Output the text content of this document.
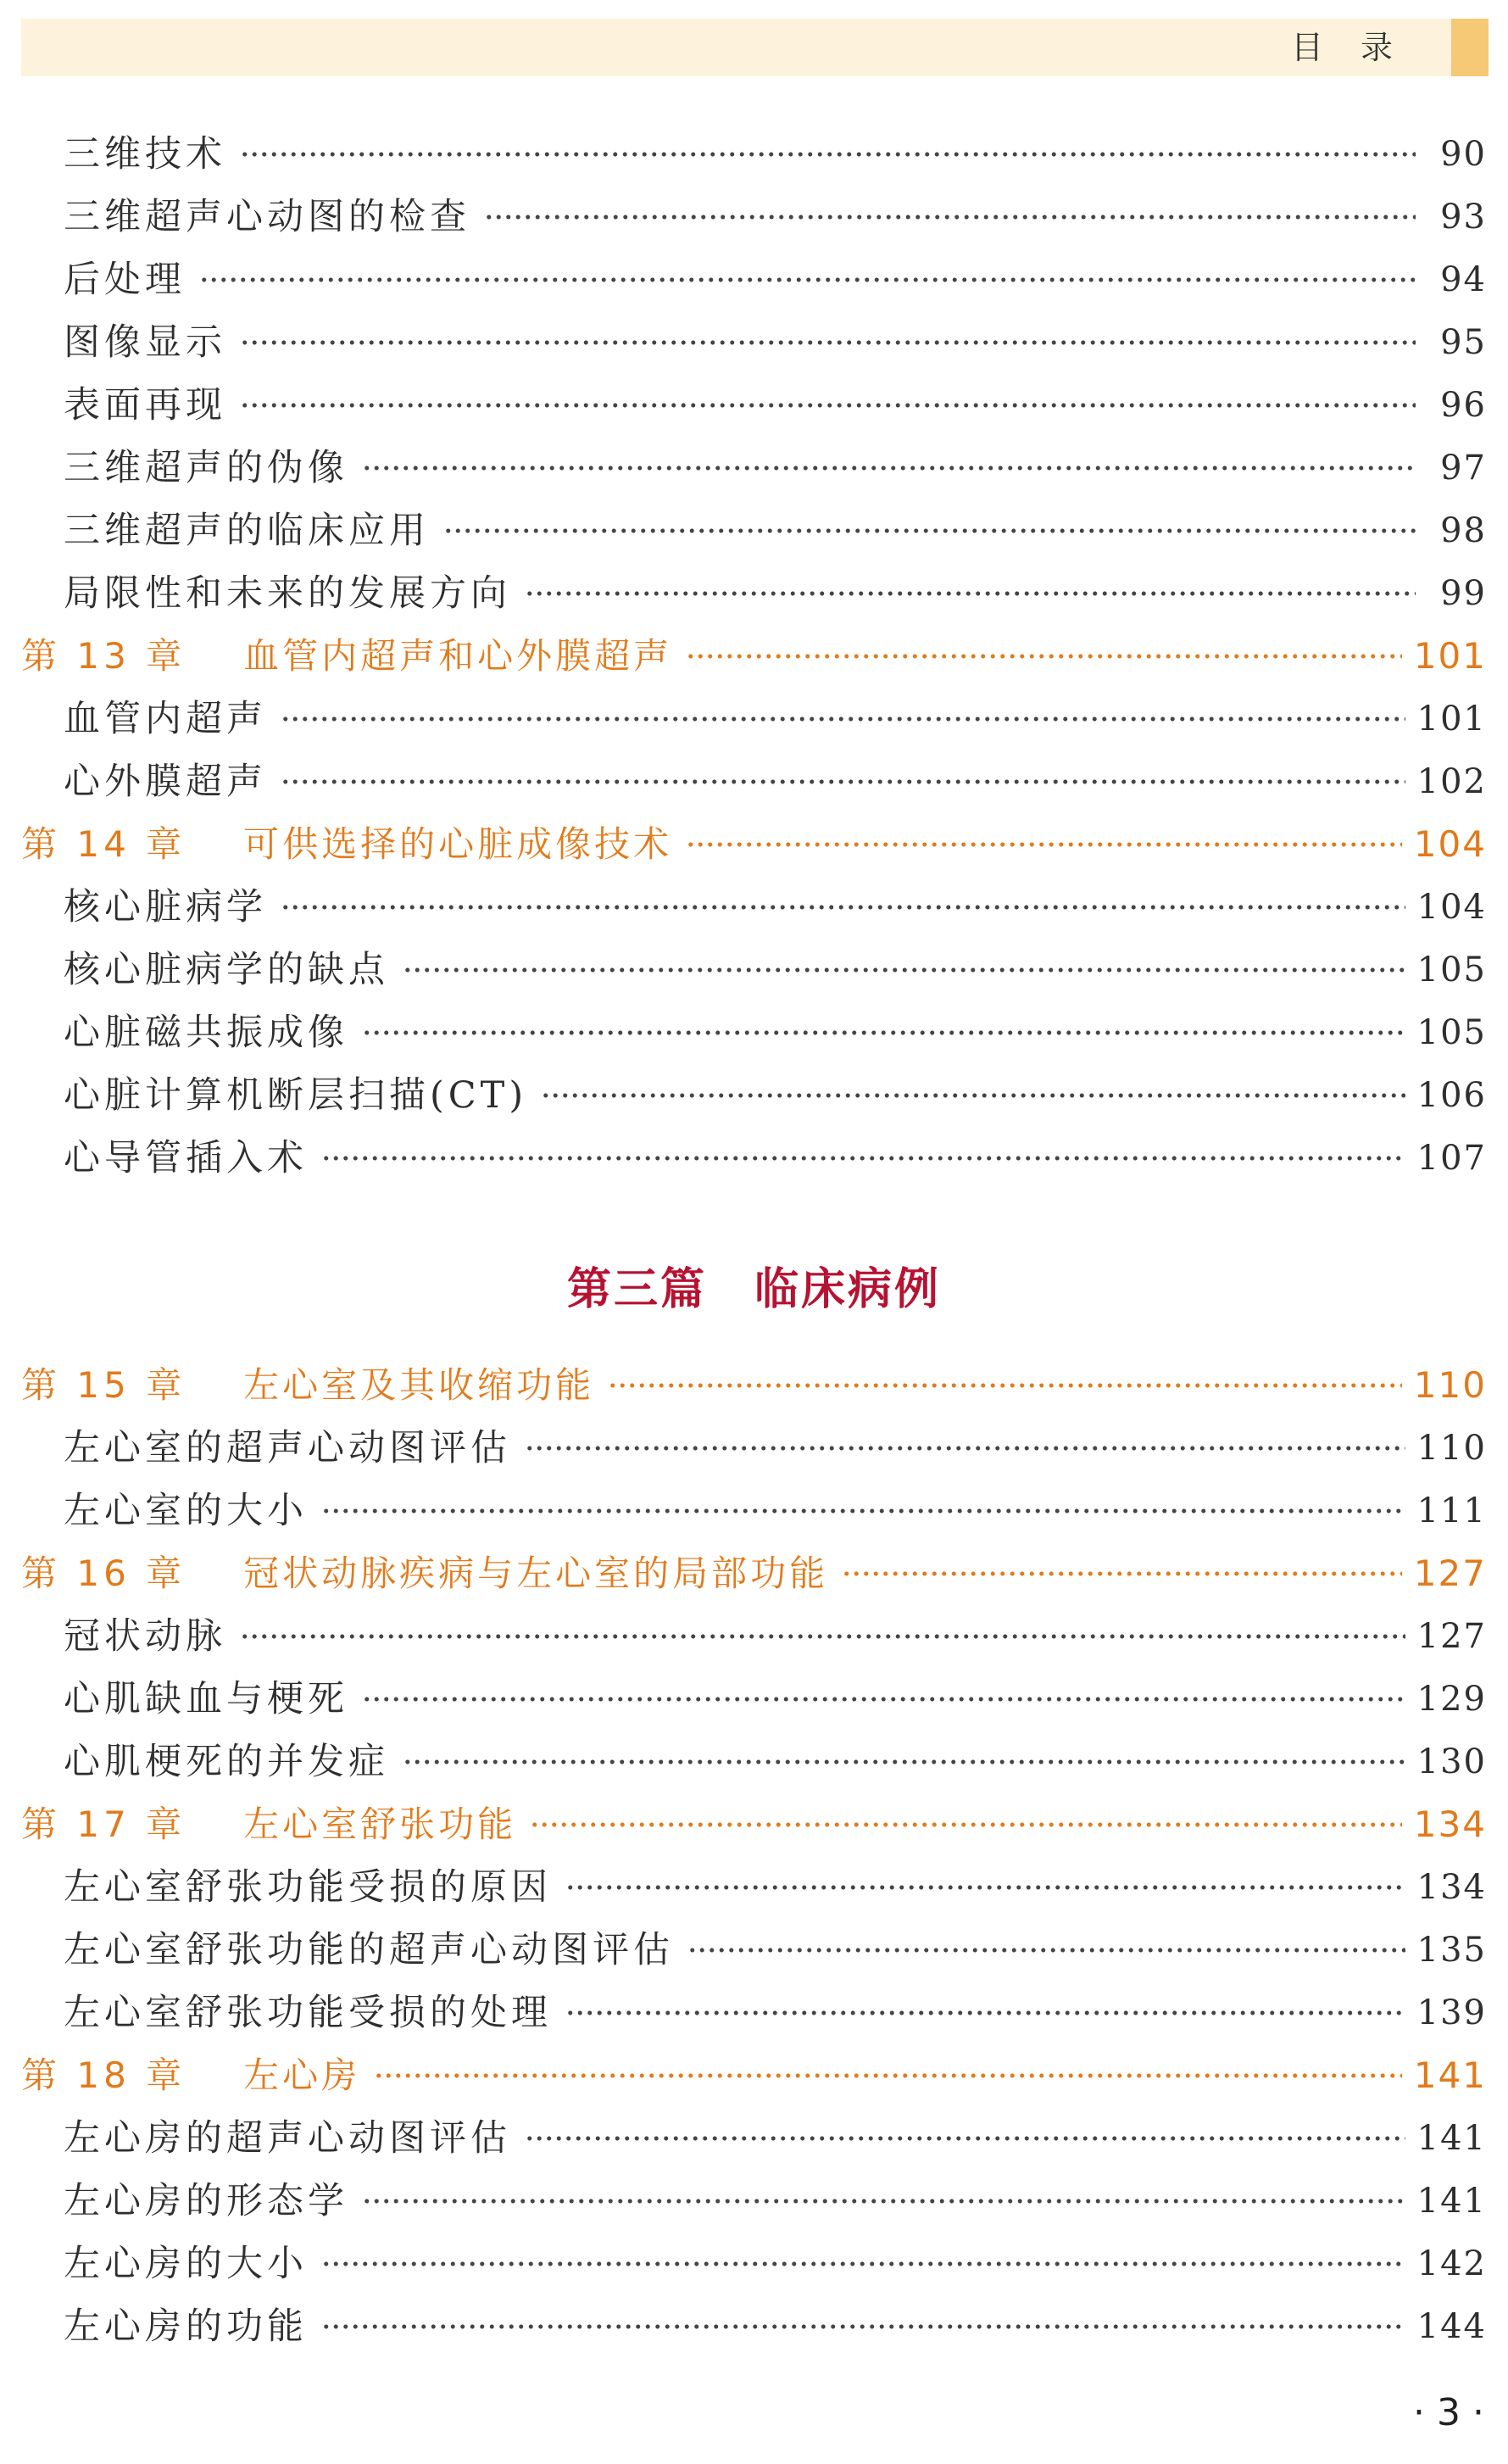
目录
三维技术	90
三维超声心动图的检查	93
后处理	94
图像显示	95
表面再现	96
三维超声的伪像	97
三维超声的临床应用	98
局限性和未来的发展方向	99
第 13 章 血管内超声和心外膜超声	101
血管内超声	101
心外膜超声	102
第 14 章 可供选择的心脏成像技术	104
核心脏病学	104
核心脏病学的缺点	105
心脏磁共振成像	105
心脏计算机断层扫描(CT)	106
心导管插入术	107
第三篇 临床病例
第 15 章 左心室及其收缩功能	110
左心室的超声心动图评估	110
左心室的大小	111
第 16 章 冠状动脉疾病与左心室的局部功能	127
冠状动脉	127
心肌缺血与梗死	129
心肌梗死的并发症	130
第 17 章 左心室舒张功能	134
左心室舒张功能受损的原因	134
左心室舒张功能的超声心动图评估	135
左心室舒张功能受损的处理	139
第 18 章 左心房	141
左心房的超声心动图评估	141
左心房的形态学	141
左心房的大小	142
左心房的功能	144
· 3 ·
